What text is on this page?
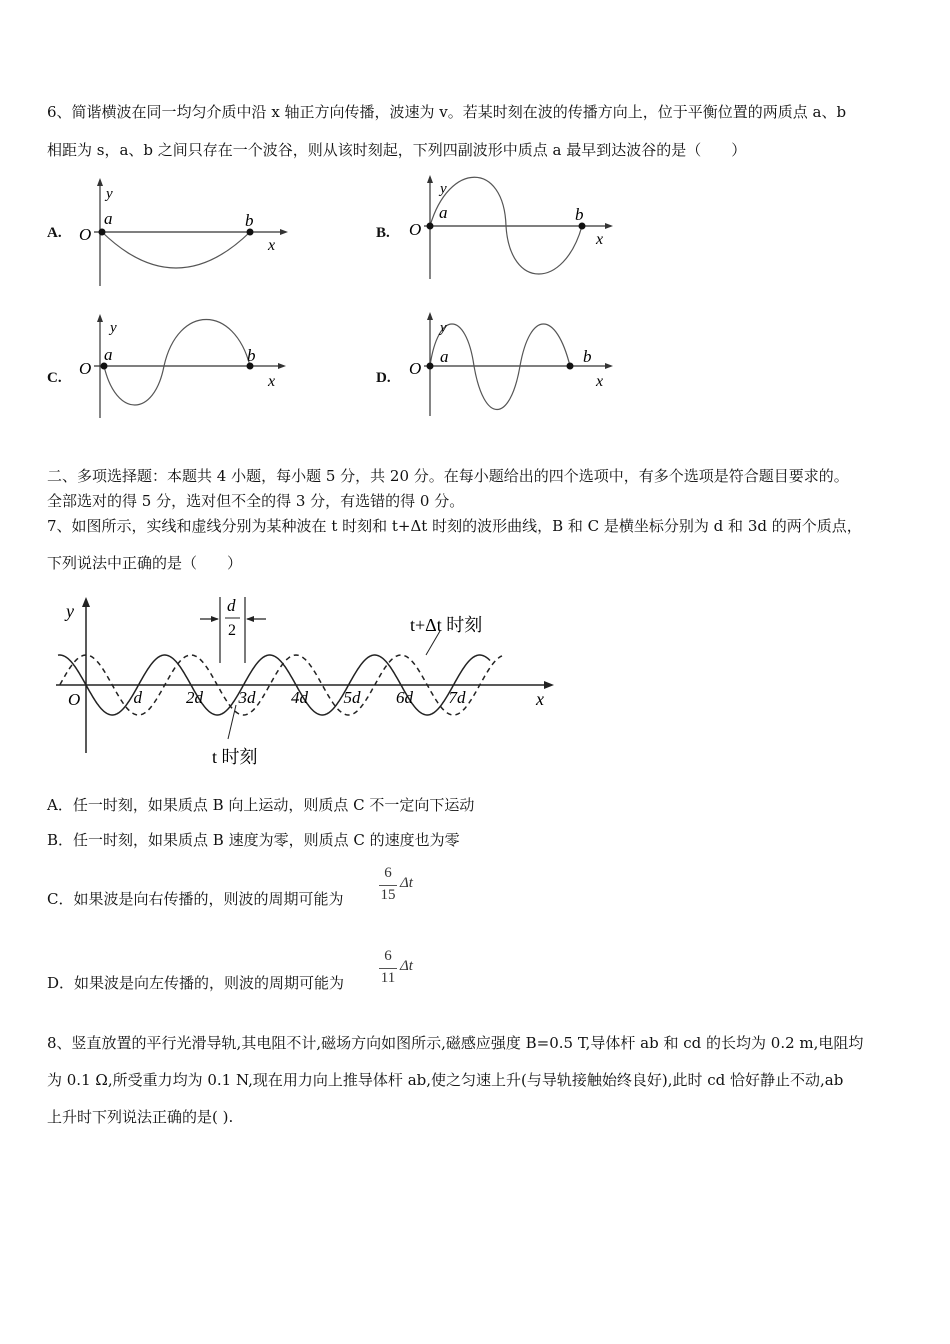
6、简谐横波在同一均匀介质中沿 x 轴正方向传播，波速为 v。若某时刻在波的传播方向上，位于平衡位置的两质点 a、b
相距为 s，a、b 之间只存在一个波谷，则从该时刻起，下列四副波形中质点 a 最早到达波谷的是（　　）
A.	B.
C.	D.
y
O
a	b
x
y
O
a	b
x
y
O
a	b
x
y
O
a	b
x
二、多项选择题：本题共 4 小题，每小题 5 分，共 20 分。在每小题给出的四个选项中，有多个选项是符合题目要求的。
全部选对的得 5 分，选对但不全的得 3 分，有选错的得 0 分。
7、如图所示，实线和虚线分别为某种波在 t 时刻和 t+Δt 时刻的波形曲线，B 和 C 是横坐标分别为 d 和 3d 的两个质点，
下列说法中正确的是（　　）
y
x
O	d	2d 3d 4d 5d 6d 7d
d
2	t+Δt 时刻
t 时刻
A．任一时刻，如果质点 B 向上运动，则质点 C 不一定向下运动
B．任一时刻，如果质点 B 速度为零，则质点 C 的速度也为零
C．如果波是向右传播的，则波的周期可能为
6
15
Δt
D．如果波是向左传播的，则波的周期可能为
6
11
Δt
8、竖直放置的平行光滑导轨,其电阻不计,磁场方向如图所示,磁感应强度 B=0.5 T,导体杆 ab 和 cd 的长均为 0.2 m,电阻均
为 0.1 Ω,所受重力均为 0.1 N,现在用力向上推导体杆 ab,使之匀速上升(与导轨接触始终良好),此时 cd 恰好静止不动,ab
上升时下列说法正确的是( ).
